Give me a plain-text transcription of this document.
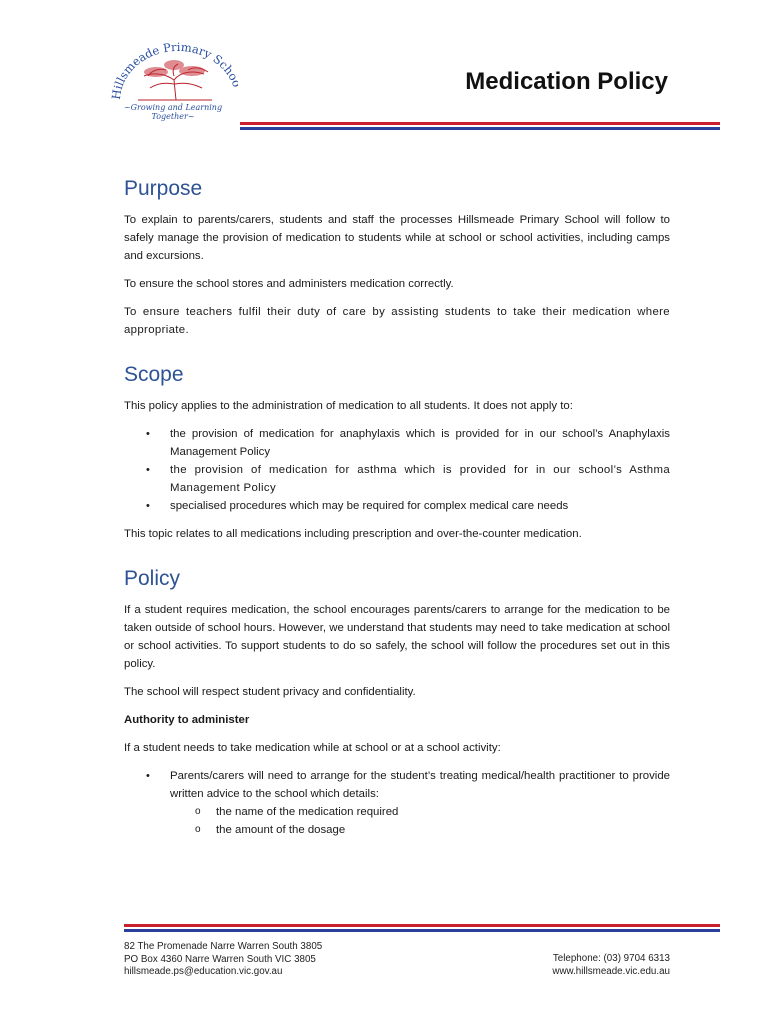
Hillsmeade Primary Sch
~Growing and Learning Together~
Medication Policy
Purpose

To explain to parents/carers, students and staff the processes Hillsmeade Primary School will follow to safely manage the provision of medication to students while at school or school activities, including camps and excursions.

To ensure the school stores and administers medication correctly.

To ensure teachers fulfil their duty of care by assisting students to take their medication where appropriate.

Scope

This policy applies to the administration of medication to all students. It does not apply to:

• the provision of medication for anaphylaxis which is provided for in our school’s Anaphylaxis Management Policy
• the provision of medication for asthma which is provided for in our school’s Asthma Management Policy
• specialised procedures which may be required for complex medical care needs

This topic relates to all medications including prescription and over-the-counter medication.

Policy

If a student requires medication, the school encourages parents/carers to arrange for the medication to be taken outside of school hours. However, we understand that students may need to take medication at school or school activities. To support students to do so safely, the school will follow the procedures set out in this policy.

The school will respect student privacy and confidentiality.

Authority to administer

If a student needs to take medication while at school or at a school activity:

• Parents/carers will need to arrange for the student’s treating medical/health practitioner to provide written advice to the school which details:
o the name of the medication required
o the amount of the dosage
82 The Promenade Narre Warren South 3805
PO Box 4360 Narre Warren South VIC 3805
hillsmeade.ps@education.vic.gov.au
Telephone: (03) 9704 6313
www.hillsmeade.vic.edu.au
